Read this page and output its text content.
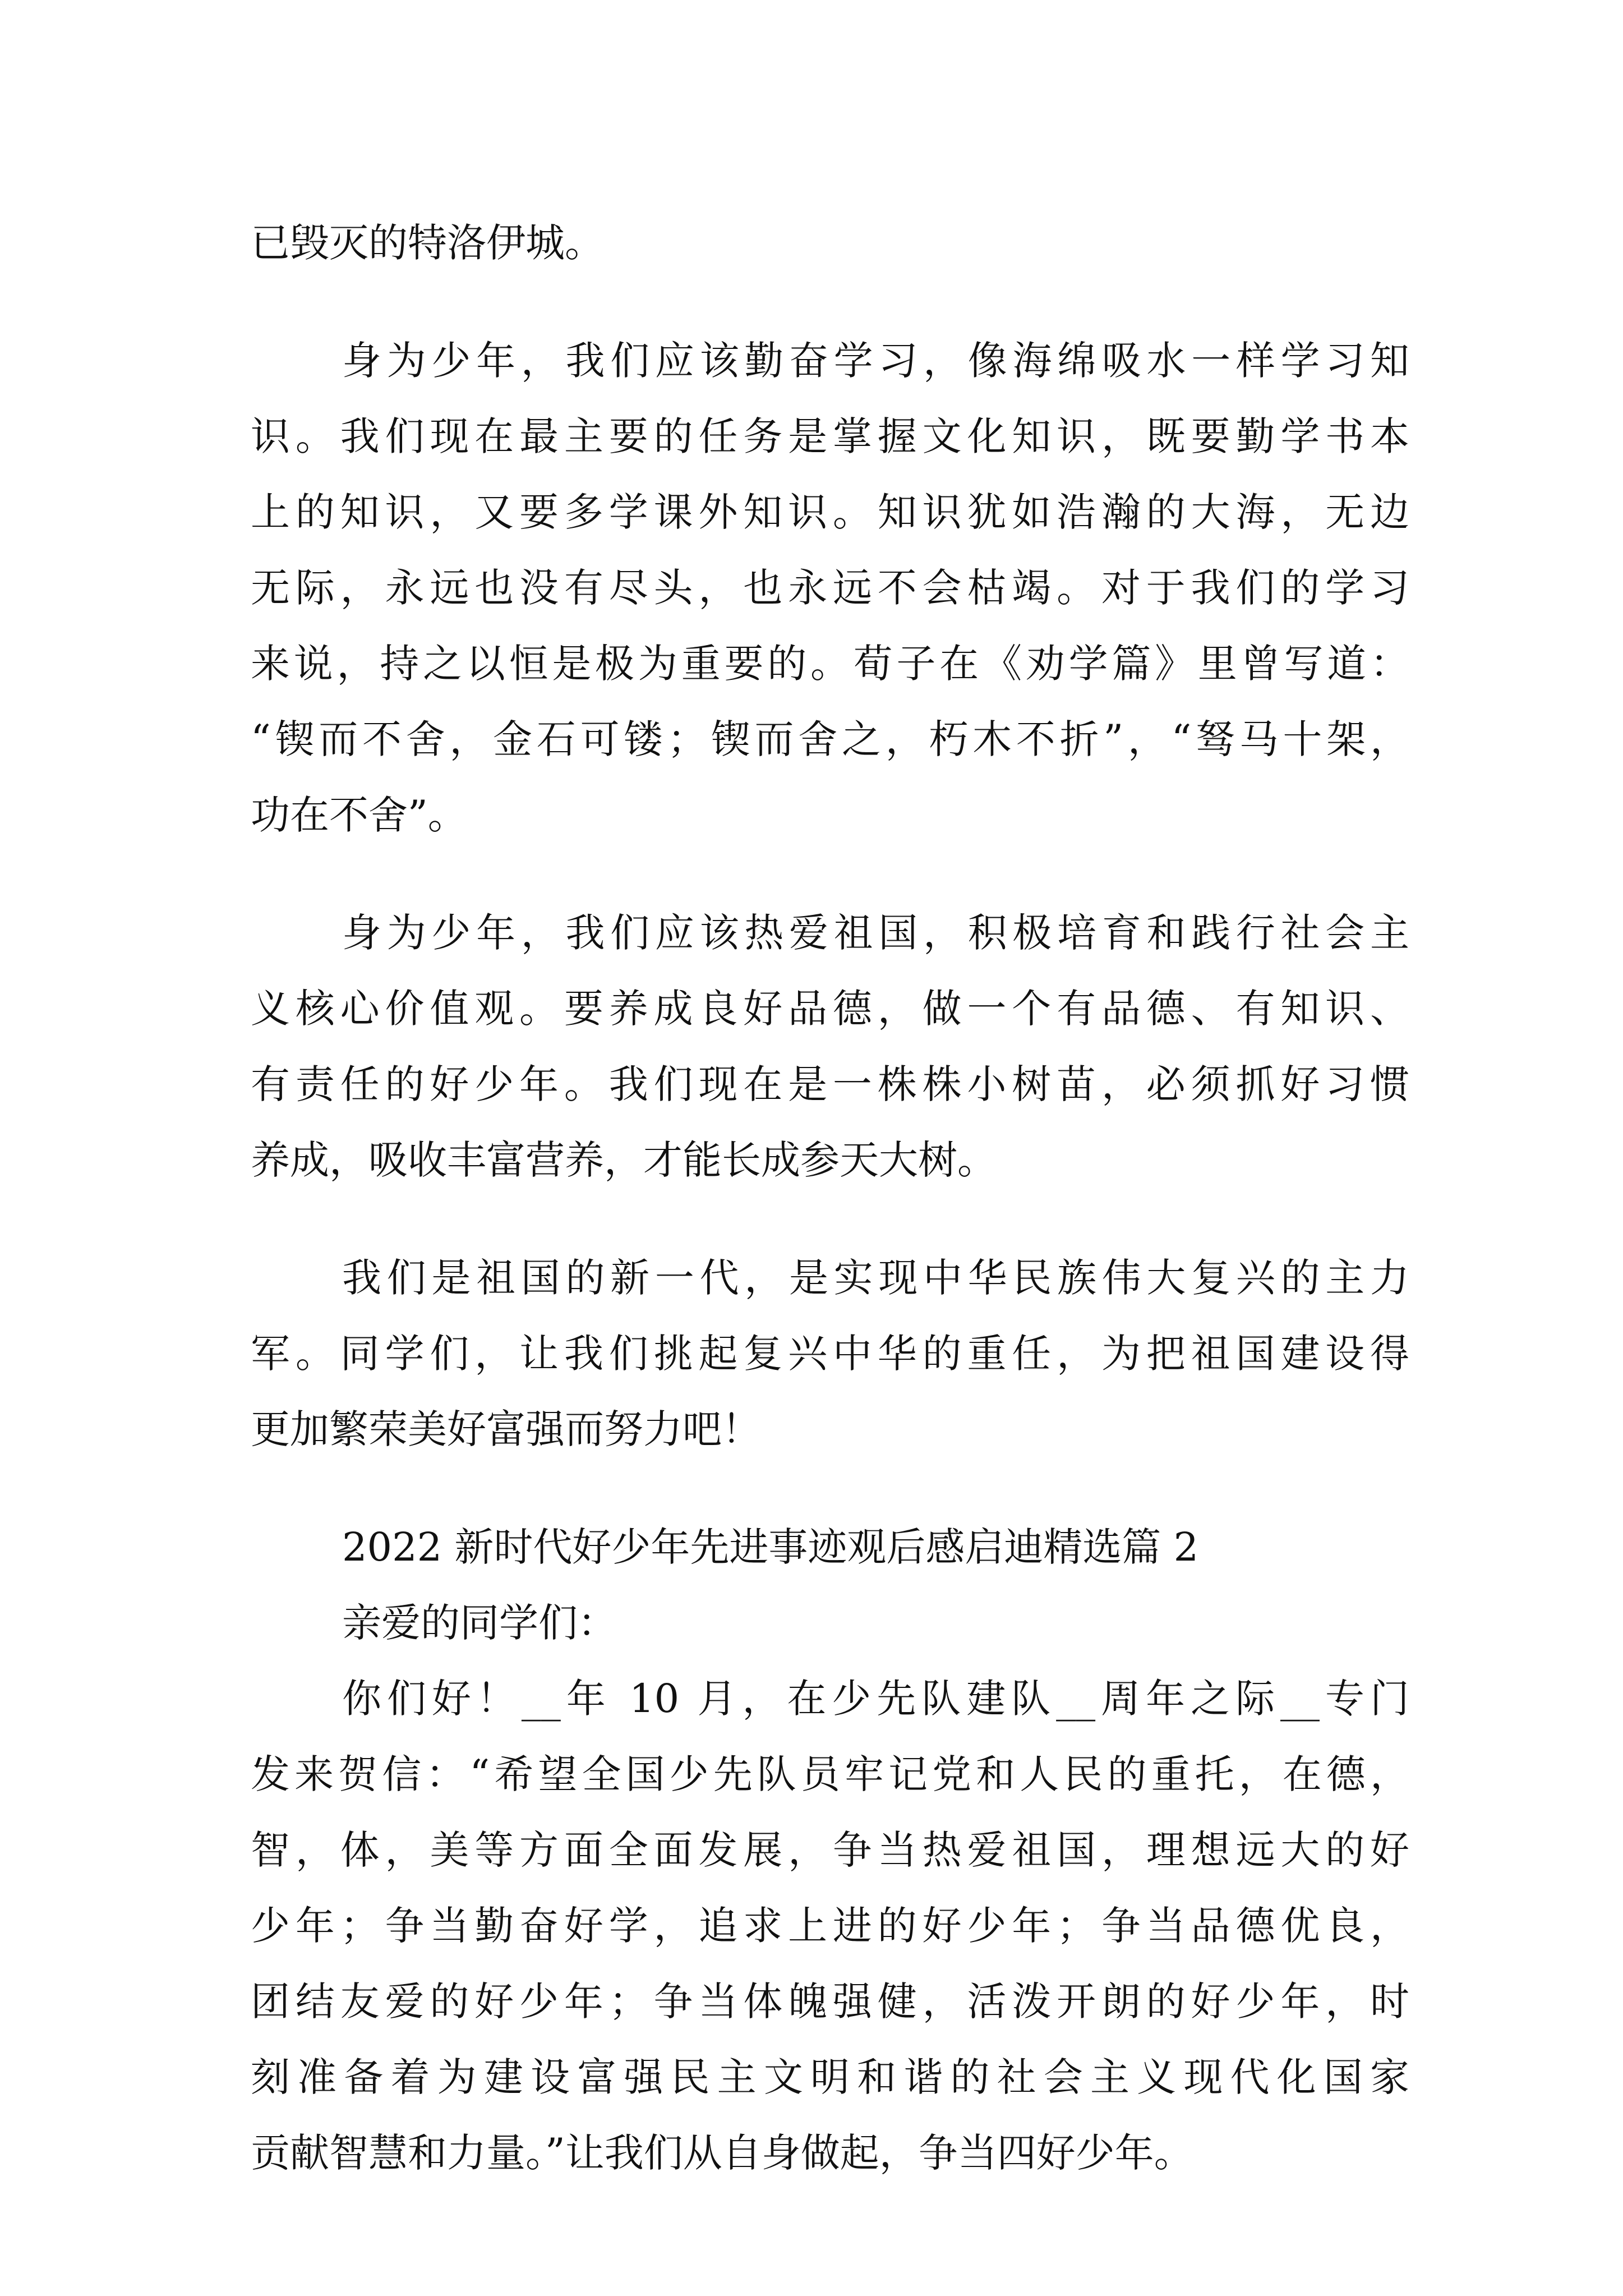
已毁灭的特洛伊城。
身为少年，我们应该勤奋学习，像海绵吸水一样学习知
识。我们现在最主要的任务是掌握文化知识，既要勤学书本
上的知识，又要多学课外知识。知识犹如浩瀚的大海，无边
无际，永远也没有尽头，也永远不会枯竭。对于我们的学习
来说，持之以恒是极为重要的。荀子在《劝学篇》里曾写道：
“锲而不舍，金石可镂；锲而舍之，朽木不折”，“驽马十架，
功在不舍”。
身为少年，我们应该热爱祖国，积极培育和践行社会主
义核心价值观。要养成良好品德，做一个有品德、有知识、
有责任的好少年。我们现在是一株株小树苗，必须抓好习惯
养成，吸收丰富营养，才能长成参天大树。
我们是祖国的新一代，是实现中华民族伟大复兴的主力
军。同学们，让我们挑起复兴中华的重任，为把祖国建设得
更加繁荣美好富强而努力吧！
2022 新时代好少年先进事迹观后感启迪精选篇 2
亲爱的同学们：
你们好！__年 10 月，在少先队建队__周年之际__专门
发来贺信：“希望全国少先队员牢记党和人民的重托，在德，
智，体，美等方面全面发展，争当热爱祖国，理想远大的好
少年；争当勤奋好学，追求上进的好少年；争当品德优良，
团结友爱的好少年；争当体魄强健，活泼开朗的好少年，时
刻准备着为建设富强民主文明和谐的社会主义现代化国家
贡献智慧和力量。”让我们从自身做起，争当四好少年。
